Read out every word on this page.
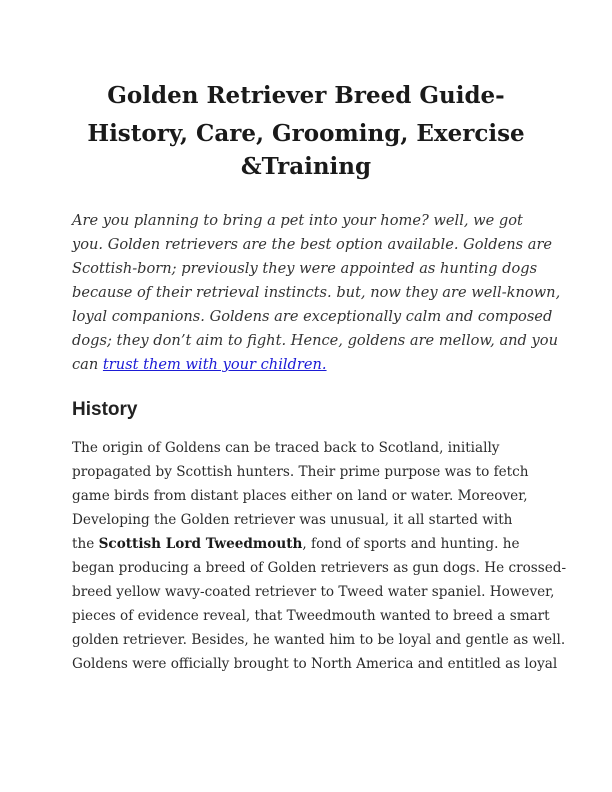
Golden Retriever Breed Guide-
History, Care, Grooming, Exercise
&Training

Are you planning to bring a pet into your home? well, we got
you. Golden retrievers are the best option available. Goldens are
Scottish-born; previously they were appointed as hunting dogs
because of their retrieval instincts. but, now they are well-known,
loyal companions. Goldens are exceptionally calm and composed
dogs; they don’t aim to fight. Hence, goldens are mellow, and you
can trust them with your children.

History

The origin of Goldens can be traced back to Scotland, initially
propagated by Scottish hunters. Their prime purpose was to fetch
game birds from distant places either on land or water. Moreover,
Developing the Golden retriever was unusual, it all started with
the Scottish Lord Tweedmouth, fond of sports and hunting. he
began producing a breed of Golden retrievers as gun dogs. He crossed-
breed yellow wavy-coated retriever to Tweed water spaniel. However,
pieces of evidence reveal, that Tweedmouth wanted to breed a smart
golden retriever. Besides, he wanted him to be loyal and gentle as well.
Goldens were officially brought to North America and entitled as loyal
